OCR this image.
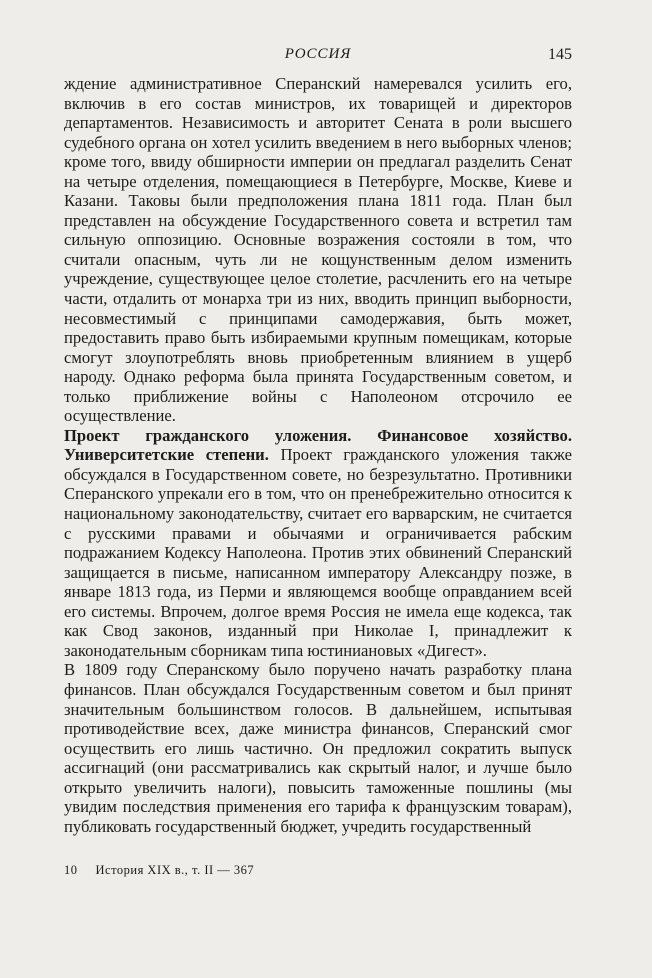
РОССИЯ	145

ждение административное Сперанский намеревался усилить его, включив в его состав министров, их товарищей и директоров департаментов. Независимость и авторитет Сената в роли высшего судебного органа он хотел усилить введением в него выборных членов; кроме того, ввиду обширности империи он предлагал разделить Сенат на четыре отделения, помещающиеся в Петербурге, Москве, Киеве и Казани. Таковы были предположения плана 1811 года. План был представлен на обсуждение Государственного совета и встретил там сильную оппозицию. Основные возражения состояли в том, что считали опасным, чуть ли не кощунственным делом изменить учреждение, существующее целое столетие, расчленить его на четыре части, отдалить от монарха три из них, вводить принцип выборности, несовместимый с принципами самодержавия, быть может, предоставить право быть избираемыми крупным помещикам, которые смогут злоупотреблять вновь приобретенным влиянием в ущерб народу. Однако реформа была принята Государственным советом, и только приближение войны с Наполеоном отсрочило ее осуществление.

Проект гражданского уложения. Финансовое хозяйство. Университетские степени. Проект гражданского уложения также обсуждался в Государственном совете, но безрезультатно. Противники Сперанского упрекали его в том, что он пренебрежительно относится к национальному законодательству, считает его варварским, не считается с русскими правами и обычаями и ограничивается рабским подражанием Кодексу Наполеона. Против этих обвинений Сперанский защищается в письме, написанном императору Александру позже, в январе 1813 года, из Перми и являющемся вообще оправданием всей его системы. Впрочем, долгое время Россия не имела еще кодекса, так как Свод законов, изданный при Николае I, принадлежит к законодательным сборникам типа юстиниановых «Дигест».

В 1809 году Сперанскому было поручено начать разработку плана финансов. План обсуждался Государственным советом и был принят значительным большинством голосов. В дальнейшем, испытывая противодействие всех, даже министра финансов, Сперанский смог осуществить его лишь частично. Он предложил сократить выпуск ассигнаций (они рассматривались как скрытый налог, и лучше было открыто увеличить налоги), повысить таможенные пошлины (мы увидим последствия применения его тарифа к французским товарам), публиковать государственный бюджет, учредить государственный

10 История XIX в., т. II — 367
